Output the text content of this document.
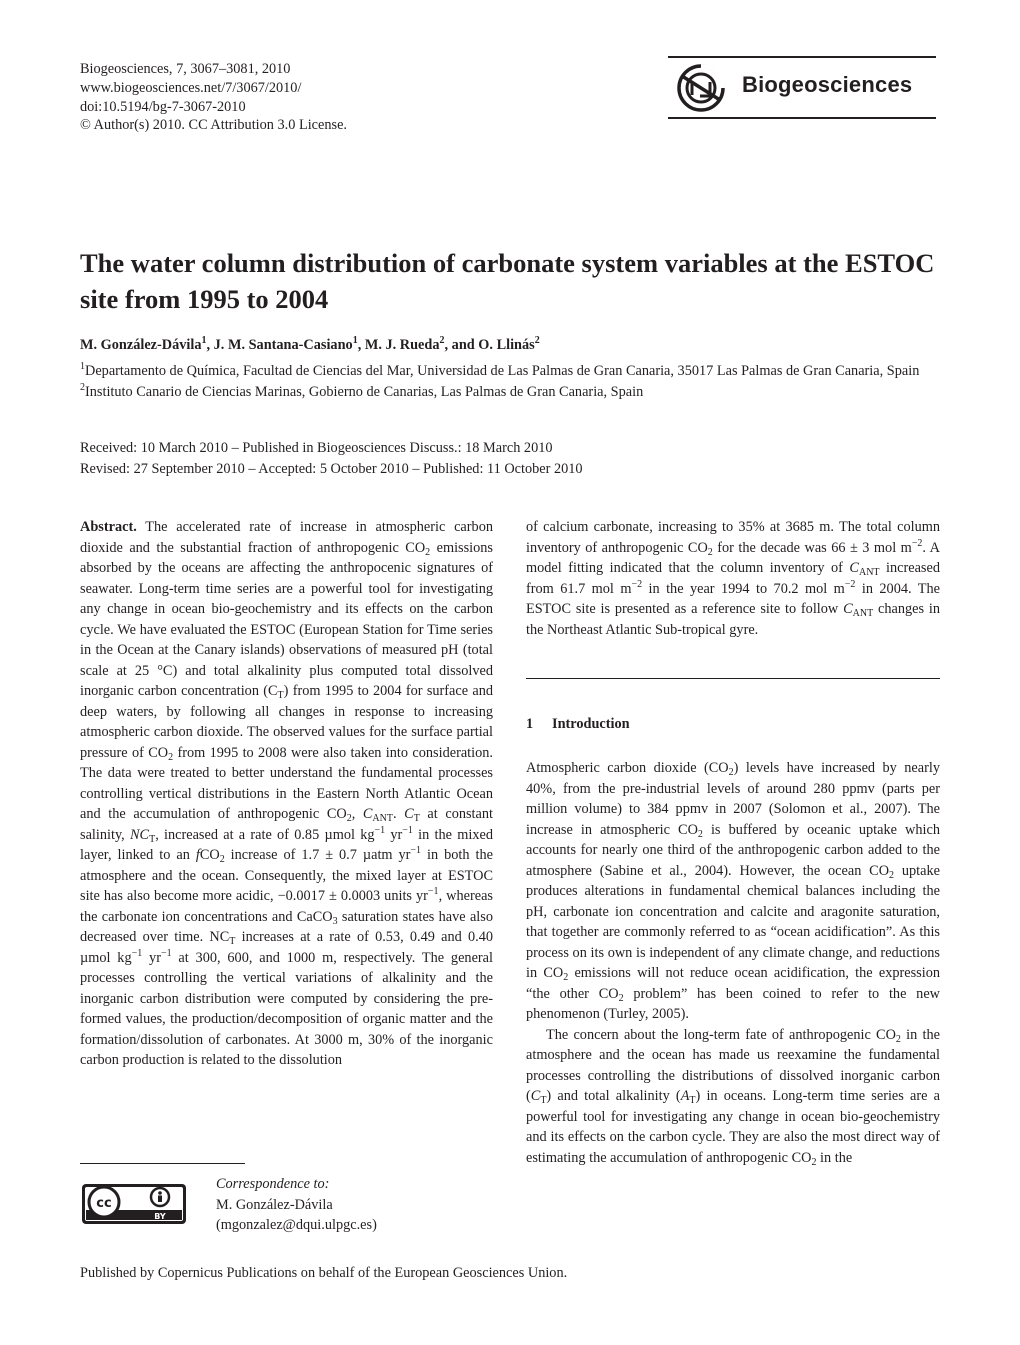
Biogeosciences, 7, 3067–3081, 2010
www.biogeosciences.net/7/3067/2010/
doi:10.5194/bg-7-3067-2010
© Author(s) 2010. CC Attribution 3.0 License.
Biogeosciences
The water column distribution of carbonate system variables at the ESTOC site from 1995 to 2004
M. González-Dávila$^1$, J. M. Santana-Casiano$^1$, M. J. Rueda$^2$, and O. Llinás$^2$
$^1$Departamento de Química, Facultad de Ciencias del Mar, Universidad de Las Palmas de Gran Canaria, 35017 Las Palmas de Gran Canaria, Spain
$^2$Instituto Canario de Ciencias Marinas, Gobierno de Canarias, Las Palmas de Gran Canaria, Spain
Received: 10 March 2010 – Published in Biogeosciences Discuss.: 18 March 2010
Revised: 27 September 2010 – Accepted: 5 October 2010 – Published: 11 October 2010
Abstract. The accelerated rate of increase in atmospheric carbon dioxide and the substantial fraction of anthropogenic $CO_2$ emissions absorbed by the oceans are affecting the anthropocenic signatures of seawater. Long-term time series are a powerful tool for investigating any change in ocean bio-geochemistry and its effects on the carbon cycle. We have evaluated the ESTOC (European Station for Time series in the Ocean at the Canary islands) observations of measured pH (total scale at 25 °C) and total alkalinity plus computed total dissolved inorganic carbon concentration $(C_T)$ from 1995 to 2004 for surface and deep waters, by following all changes in response to increasing atmospheric carbon dioxide. The observed values for the surface partial pressure of $CO_2$ from 1995 to 2008 were also taken into consideration. The data were treated to better understand the fundamental processes controlling vertical distributions in the Eastern North Atlantic Ocean and the accumulation of anthropogenic $CO_2$, $C_{ANT}$. $C_T$ at constant salinity, $NC_T$, increased at a rate of 0.85 µmol $kg^{-1}$ $yr^{-1}$ in the mixed layer, linked to an fCO$_2$ increase of 1.7 ± 0.7 µatm $yr^{-1}$ in both the atmosphere and the ocean. Consequently, the mixed layer at ESTOC site has also become more acidic, −0.0017 ± 0.0003 units $yr^{-1}$, whereas the carbonate ion concentrations and CaCO$_3$ saturation states have also decreased over time. $NC_T$ increases at a rate of 0.53, 0.49 and 0.40 µmol $kg^{-1}$ $yr^{-1}$ at 300, 600, and 1000 m, respectively. The general processes controlling the vertical variations of alkalinity and the inorganic carbon distribution were computed by considering the pre-formed values, the production/decomposition of organic matter and the formation/dissolution of carbonates. At 3000 m, 30% of the inorganic carbon production is related to the dissolution
of calcium carbonate, increasing to 35% at 3685 m. The total column inventory of anthropogenic $CO_2$ for the decade was 66 ± 3 mol $m^{-2}$. A model fitting indicated that the column inventory of $C_{ANT}$ increased from 61.7 mol $m^{-2}$ in the year 1994 to 70.2 mol $m^{-2}$ in 2004. The ESTOC site is presented as a reference site to follow $C_{ANT}$ changes in the Northeast Atlantic Sub-tropical gyre.
1 Introduction

Atmospheric carbon dioxide $(CO_2)$ levels have increased by nearly 40%, from the pre-industrial levels of around 280 ppmv (parts per million volume) to 384 ppmv in 2007 (Solomon et al., 2007). The increase in atmospheric $CO_2$ is buffered by oceanic uptake which accounts for nearly one third of the anthropogenic carbon added to the atmosphere (Sabine et al., 2004). However, the ocean $CO_2$ uptake produces alterations in fundamental chemical balances including the pH, carbonate ion concentration and calcite and aragonite saturation, that together are commonly referred to as “ocean acidification”. As this process on its own is independent of any climate change, and reductions in $CO_2$ emissions will not reduce ocean acidification, the expression “the other $CO_2$ problem” has been coined to refer to the new phenomenon (Turley, 2005).

The concern about the long-term fate of anthropogenic $CO_2$ in the atmosphere and the ocean has made us reexamine the fundamental processes controlling the distributions of dissolved inorganic carbon $(C_T)$ and total alkalinity $(A_T)$ in oceans. Long-term time series are a powerful tool for investigating any change in ocean bio-geochemistry and its effects on the carbon cycle. They are also the most direct way of estimating the accumulation of anthropogenic $CO_2$ in the

cc
BY
Correspondence to:
M. González-Dávila
(mgonzalez@dqui.ulpgc.es)
Published by Copernicus Publications on behalf of the European Geosciences Union.
